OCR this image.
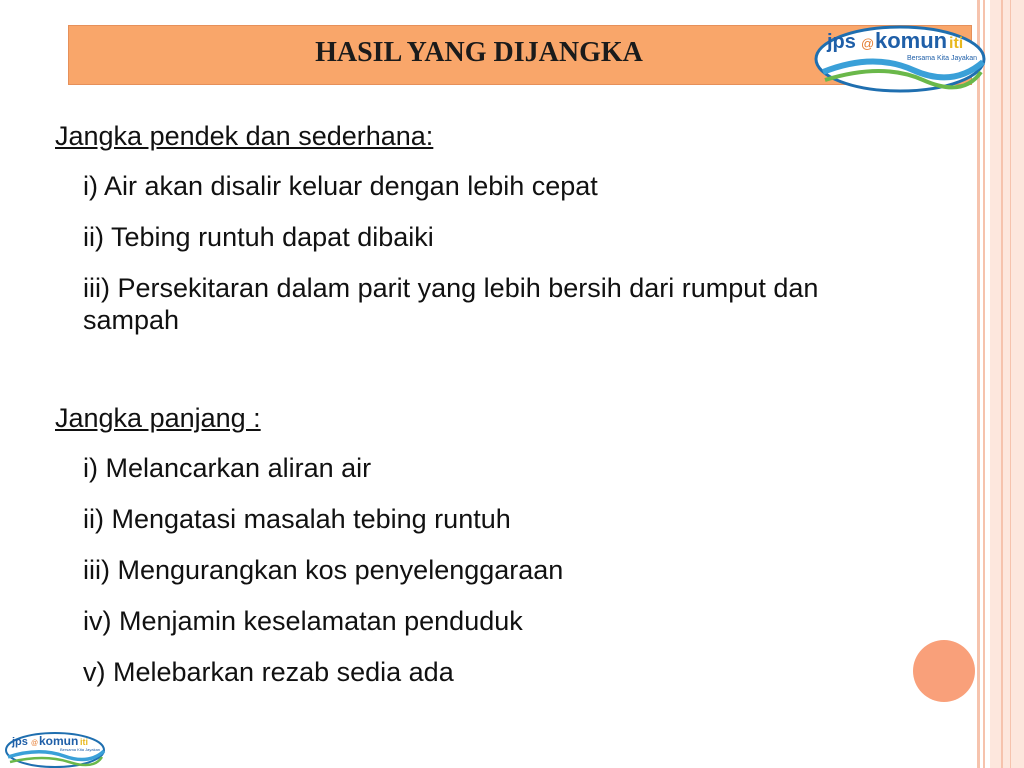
HASIL YANG DIJANGKA	jps @ komun iti
Bersama Kita Jayakan
jps @ komun iti
Bersama Kita Jayakan
Jangka pendek dan sederhana:
i) Air akan disalir keluar dengan lebih cepat
ii) Tebing runtuh dapat dibaiki
iii) Persekitaran dalam parit yang lebih bersih dari rumput dan sampah
Jangka panjang :
i) Melancarkan aliran air
ii) Mengatasi masalah tebing runtuh
iii) Mengurangkan kos penyelenggaraan
iv) Menjamin keselamatan penduduk
v) Melebarkan rezab sedia ada
